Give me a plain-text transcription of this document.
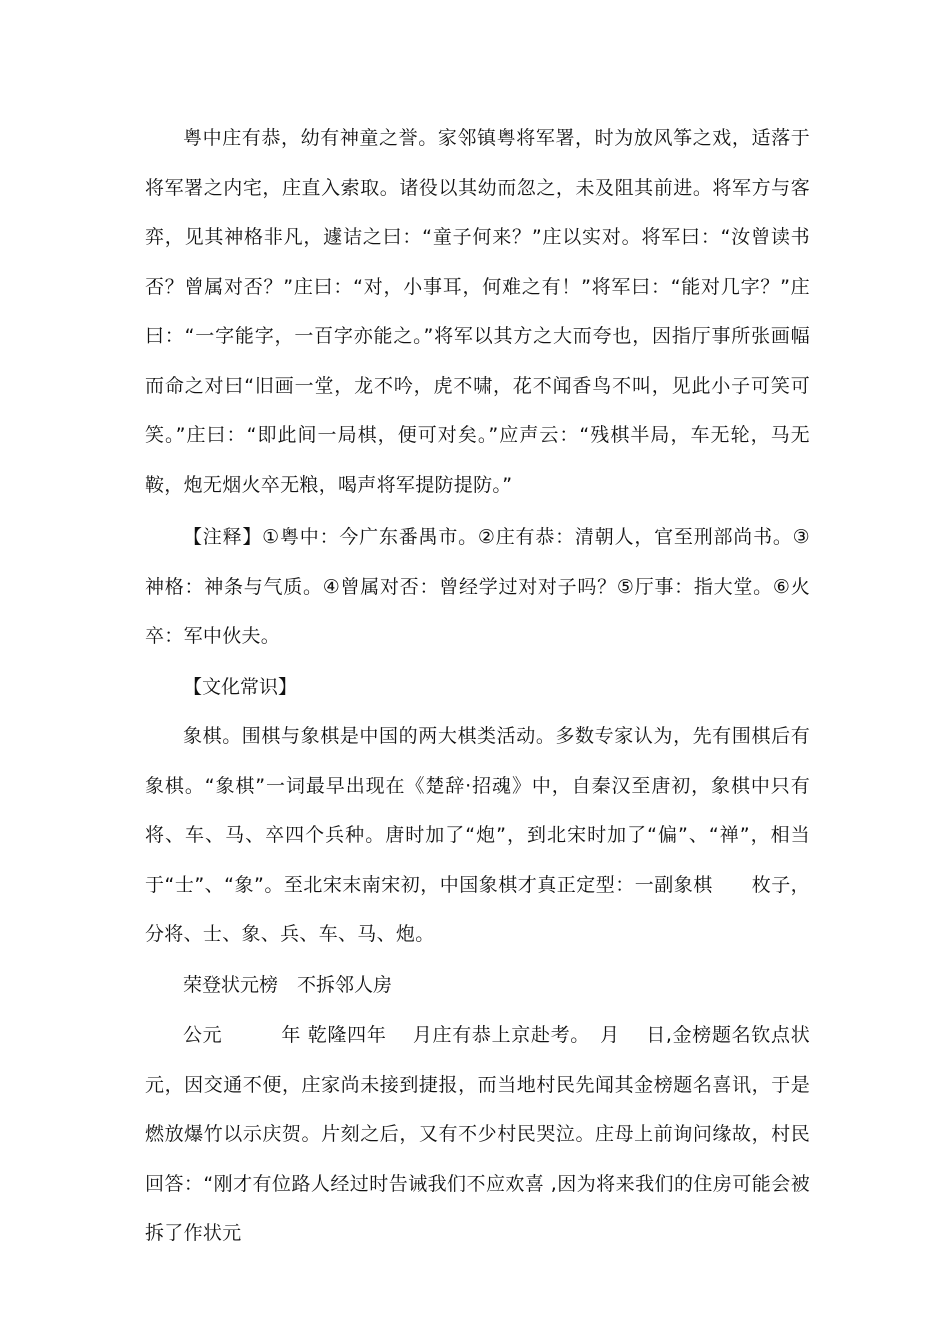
粤中庄有恭，幼有神童之誉。家邻镇粤将军署，时为放风筝之戏，适落于将军署之内宅，庄直入索取。诸役以其幼而忽之，未及阻其前进。将军方与客弈，见其神格非凡，遽诘之曰：“童子何来？”庄以实对。将军曰：“汝曾读书否？曾属对否？”庄曰：“对，小事耳，何难之有！”将军曰：“能对几字？”庄曰：“一字能字，一百字亦能之。”将军以其方之大而夸也，因指厅事所张画幅而命之对曰“旧画一堂，龙不吟，虎不啸，花不闻香鸟不叫，见此小子可笑可笑。”庄曰：“即此间一局棋，便可对矣。”应声云：“残棋半局，车无轮，马无鞍，炮无烟火卒无粮，喝声将军提防提防。”

【注释】①粤中：今广东番禺市。②庄有恭：清朝人，官至刑部尚书。③神格：神条与气质。④曾属对否：曾经学过对对子吗？⑤厅事：指大堂。⑥火卒：军中伙夫。

【文化常识】

象棋。围棋与象棋是中国的两大棋类活动。多数专家认为，先有围棋后有象棋。“象棋”一词最早出现在《楚辞·招魂》中，自秦汉至唐初，象棋中只有将、车、马、卒四个兵种。唐时加了“炮”，到北宋时加了“偏”、“禅”，相当于“士”、“象”。至北宋末南宋初，中国象棋才真正定型：一副象棋　　枚子，分将、士、象、兵、车、马、炮。

荣登状元榜　不拆邻人房

公元　　　年 乾隆四年　 月庄有恭上京赴考。　月　 日,金榜题名钦点状元，因交通不便，庄家尚未接到捷报，而当地村民先闻其金榜题名喜讯，于是燃放爆竹以示庆贺。片刻之后，又有不少村民哭泣。庄母上前询问缘故，村民回答：“刚才有位路人经过时告诫我们不应欢喜 ,因为将来我们的住房可能会被拆了作状元
